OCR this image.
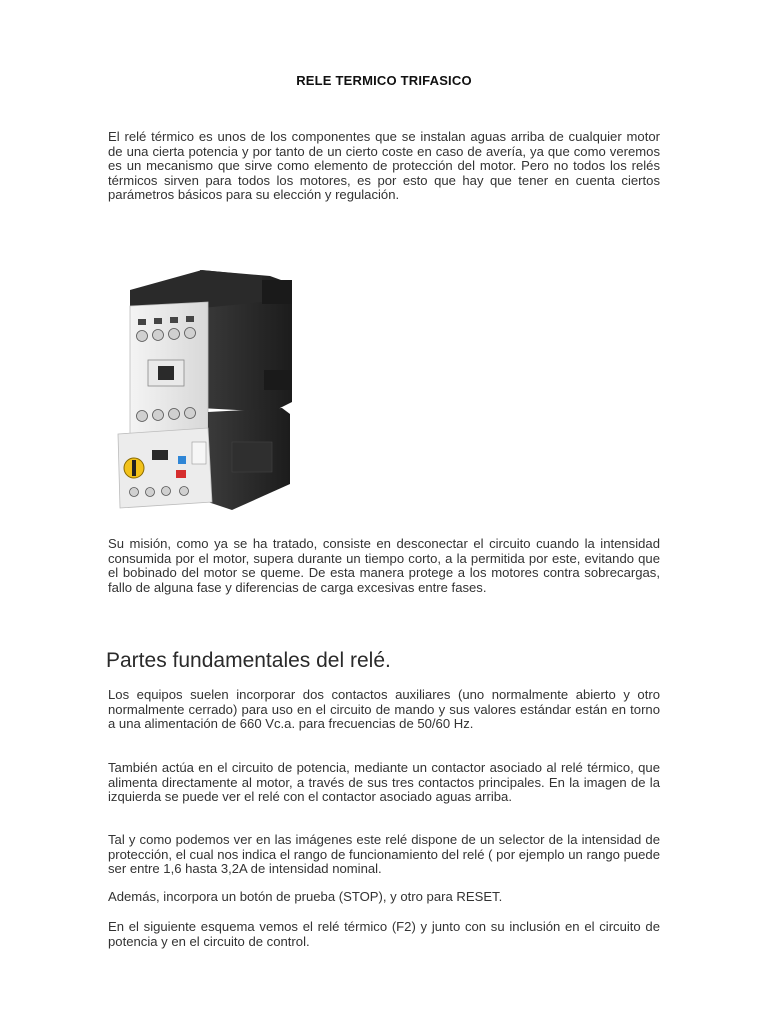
RELE TERMICO TRIFASICO

El relé térmico es unos de los componentes que se instalan aguas arriba de cualquier motor de una cierta potencia y por tanto de un cierto coste en caso de avería, ya que como veremos es un mecanismo que sirve como elemento de protección del motor. Pero no todos los relés térmicos sirven para todos los motores, es por esto que hay que tener en cuenta ciertos parámetros básicos para su elección y regulación.

Su misión, como ya se ha tratado, consiste en desconectar el circuito cuando la intensidad consumida por el motor, supera durante un tiempo corto, a la permitida por este, evitando que el bobinado del motor se queme. De esta manera protege a los motores contra sobrecargas, fallo de alguna fase y diferencias de carga excesivas entre fases.

Partes fundamentales del relé.

Los equipos suelen incorporar dos contactos auxiliares (uno normalmente abierto y otro normalmente cerrado) para uso en el circuito de mando y sus valores estándar están en torno a una alimentación de 660 Vc.a. para frecuencias de 50/60 Hz.

También actúa en el circuito de potencia, mediante un contactor asociado al relé térmico, que alimenta directamente al motor, a través de sus tres contactos principales. En la imagen de la izquierda se puede ver el relé con el contactor asociado aguas arriba.

Tal y como podemos ver en las imágenes este relé dispone de un selector de la intensidad de protección, el cual nos indica el rango de funcionamiento del relé ( por ejemplo un rango puede ser entre 1,6 hasta 3,2A de intensidad nominal.

Además, incorpora un botón de prueba (STOP), y otro para RESET.

En el siguiente esquema vemos el relé térmico (F2) y junto con su inclusión en el circuito de potencia y en el circuito de control.
